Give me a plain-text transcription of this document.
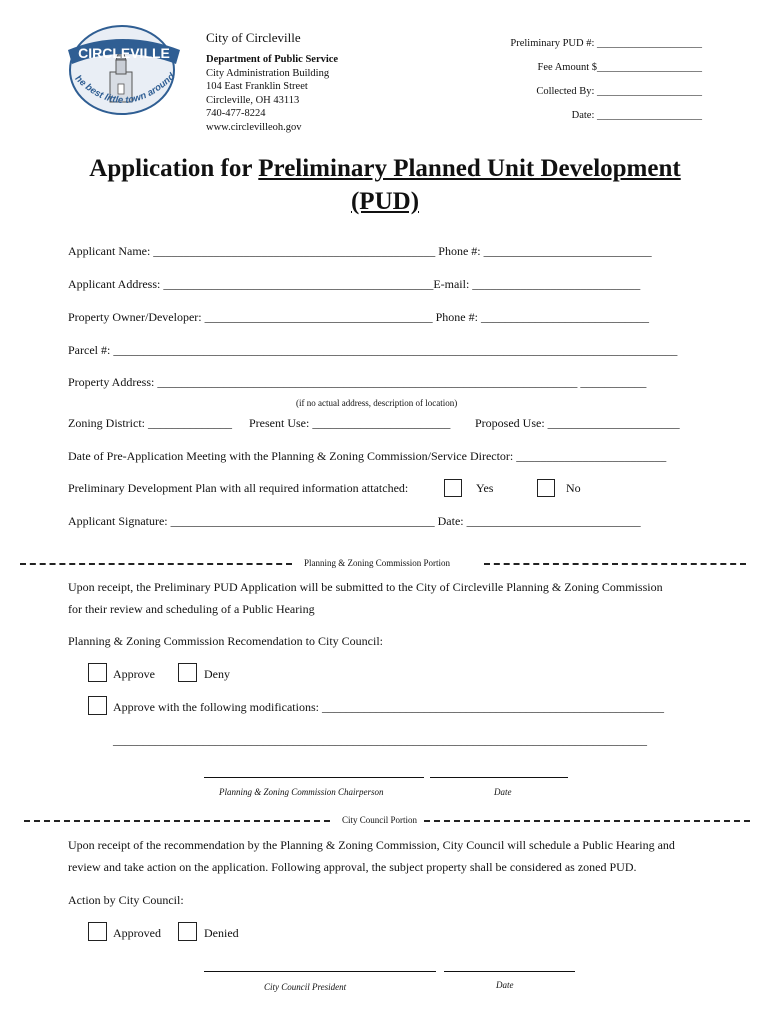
CIRCLEVILLE
he best little town around
City of Circleville
Department of Public Service
City Administration Building
104 East Franklin Street
Circleville, OH 43113
740-477-8224
www.circlevilleoh.gov
Preliminary PUD #: ____________________
Fee Amount $____________________
Collected By: ____________________
Date: ____________________
Application for Preliminary Planned Unit Development
(PUD)
Applicant Name: _______________________________________________ Phone #: ____________________________
Applicant Address: _____________________________________________E-mail: ____________________________
Property Owner/Developer: ______________________________________ Phone #: ____________________________
Parcel #: ______________________________________________________________________________________________
Property Address: ______________________________________________________________________ ___________
(if no actual address, description of location)
Zoning District: ______________ Present Use: _______________________ Proposed Use: ______________________
Date of Pre-Application Meeting with the Planning & Zoning Commission/Service Director: _________________________
Preliminary Development Plan with all required information attatched:	Yes	No
Applicant Signature: ____________________________________________ Date: _____________________________
Planning & Zoning Commission Portion
Upon receipt, the Preliminary PUD Application will be submitted to the City of Circleville Planning & Zoning Commission
for their review and scheduling of a Public Hearing
Planning & Zoning Commission Recomendation to City Council:
Approve	Deny
Approve with the following modifications: _________________________________________________________
_________________________________________________________________________________________
Planning & Zoning Commission Chairperson	Date
City Council Portion
Upon receipt of the recommendation by the Planning & Zoning Commission, City Council will schedule a Public Hearing and
review and take action on the application. Following approval, the subject property shall be considered as zoned PUD.
Action by City Council:
Approved	Denied
City Council President	Date
